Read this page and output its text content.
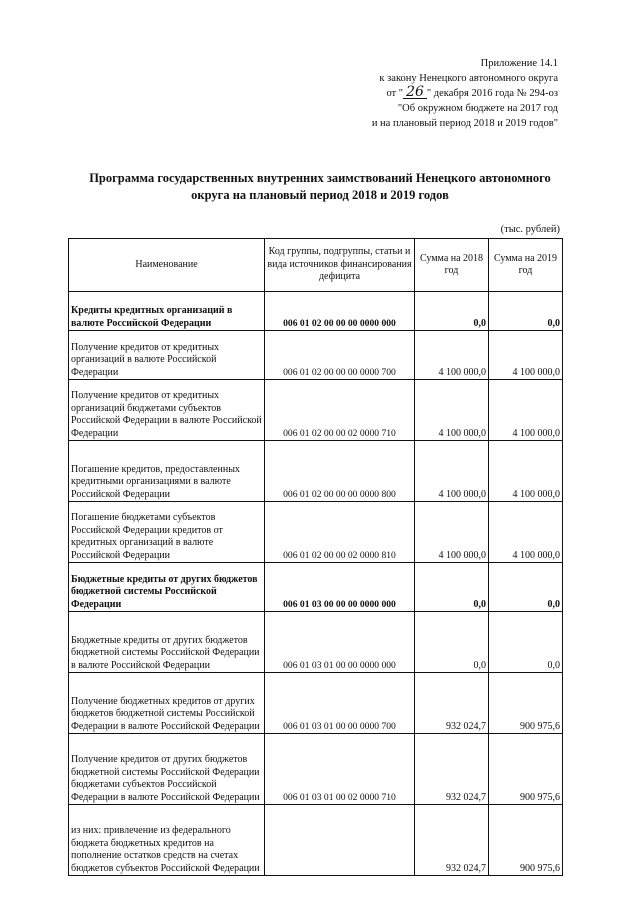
Приложение 14.1
к закону Ненецкого автономного округа
от " 26 " декабря 2016 года № 294-оз
"Об окружном бюджете на 2017 год
и на плановый период 2018 и 2019 годов"
Программа государственных внутренних заимствований Ненецкого автономного
округа на плановый период 2018 и 2019 годов
(тыс. рублей)
Наименование	Код группы, подгруппы, статьи и вида источников финансирования дефицита	Сумма на 2018 год	Сумма на 2019 год
Кредиты кредитных организаций в валюте Российской Федерации	006 01 02 00 00 00 0000 000	0,0	0,0
Получение кредитов от кредитных организаций в валюте Российской Федерации	006 01 02 00 00 00 0000 700	4 100 000,0	4 100 000,0
Получение кредитов от кредитных организаций бюджетами субъектов Российской Федерации в валюте Российской Федерации	006 01 02 00 00 02 0000 710	4 100 000,0	4 100 000,0
Погашение кредитов, предоставленных кредитными организациями в валюте Российской Федерации	006 01 02 00 00 00 0000 800	4 100 000,0	4 100 000,0
Погашение бюджетами субъектов Российской Федерации кредитов от кредитных организаций в валюте Российской Федерации	006 01 02 00 00 02 0000 810	4 100 000,0	4 100 000,0
Бюджетные кредиты от других бюджетов бюджетной системы Российской Федерации	006 01 03 00 00 00 0000 000	0,0	0,0
Бюджетные кредиты от других бюджетов бюджетной системы Российской Федерации в валюте Российской Федерации	006 01 03 01 00 00 0000 000	0,0	0,0
Получение бюджетных кредитов от других бюджетов бюджетной системы Российской Федерации в валюте Российской Федерации	006 01 03 01 00 00 0000 700	932 024,7	900 975,6
Получение кредитов от других бюджетов бюджетной системы Российской Федерации бюджетами субъектов Российской Федерации в валюте Российской Федерации	006 01 03 01 00 02 0000 710	932 024,7	900 975,6
из них: привлечение из федерального бюджета бюджетных кредитов на пополнение остатков средств на счетах бюджетов субъектов Российской Федерации		932 024,7	900 975,6
